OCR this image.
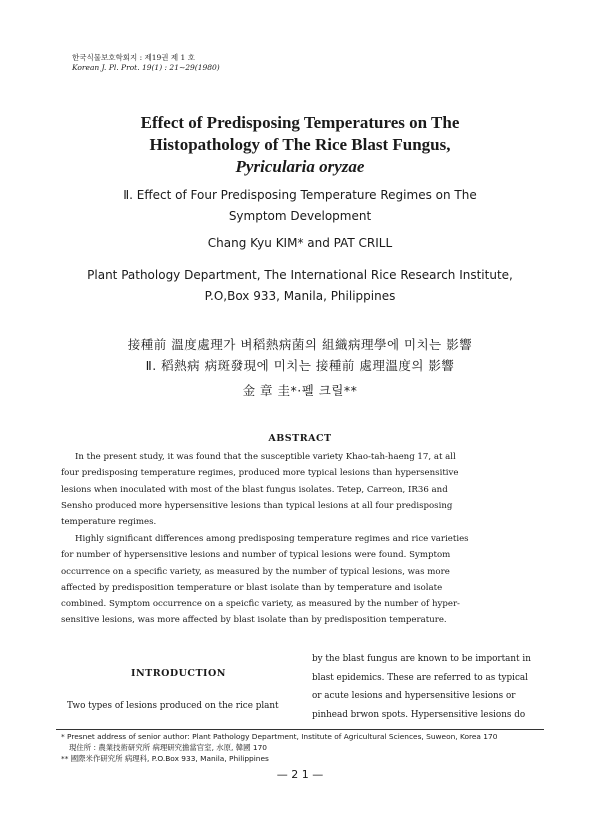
한국식물보호학회지 : 제19권 제 1 호
Korean J. Pl. Prot. 19(1) : 21∼29(1980)
Effect of Predisposing Temperatures on The
Histopathology of The Rice Blast Fungus,
Pyricularia oryzae
Ⅱ. Effect of Four Predisposing Temperature Regimes on The
Symptom Development
Chang Kyu KIM* and PAT CRILL
Plant Pathology Department, The International Rice Research Institute,
P.O,Box 933, Manila, Philippines
接種前 溫度處理가 벼稻熱病菌의 組織病理學에 미치는 影響
Ⅱ. 稻熱病 病斑發現에 미치는 接種前 處理溫度의 影響
金 章 圭*·펠 크릴**
ABSTRACT
In the present study, it was found that the susceptible variety Khao-tah-haeng 17, at all
four predisposing temperature regimes, produced more typical lesions than hypersensitive
lesions when inoculated with most of the blast fungus isolates. Tetep, Carreon, IR36 and
Sensho produced more hypersensitive lesions than typical lesions at all four predisposing
temperature regimes.
Highly significant differences among predisposing temperature regimes and rice varieties
for number of hypersensitive lesions and number of typical lesions were found. Symptom
occurrence on a specific variety, as measured by the number of typical lesions, was more
affected by predisposition temperature or blast isolate than by temperature and isolate
combined. Symptom occurrence on a speicfic variety, as measured by the number of hyper-
sensitive lesions, was more affected by blast isolate than by predisposition temperature.
INTRODUCTION
Two types of lesions produced on the rice plant
by the blast fungus are known to be important in
blast epidemics. These are referred to as typical
or acute lesions and hypersensitive lesions or
pinhead brwon spots. Hypersensitive lesions do
* Presnet address of senior author: Plant Pathology Department, Institute of Agricultural Sciences, Suweon, Korea 170
現住所 : 農業技術研究所 病理研究擔當官室, 水原, 韓國 170
** 國際米作研究所 病理科, P.O.Box 933, Manila, Philippines
— 2 1 —
